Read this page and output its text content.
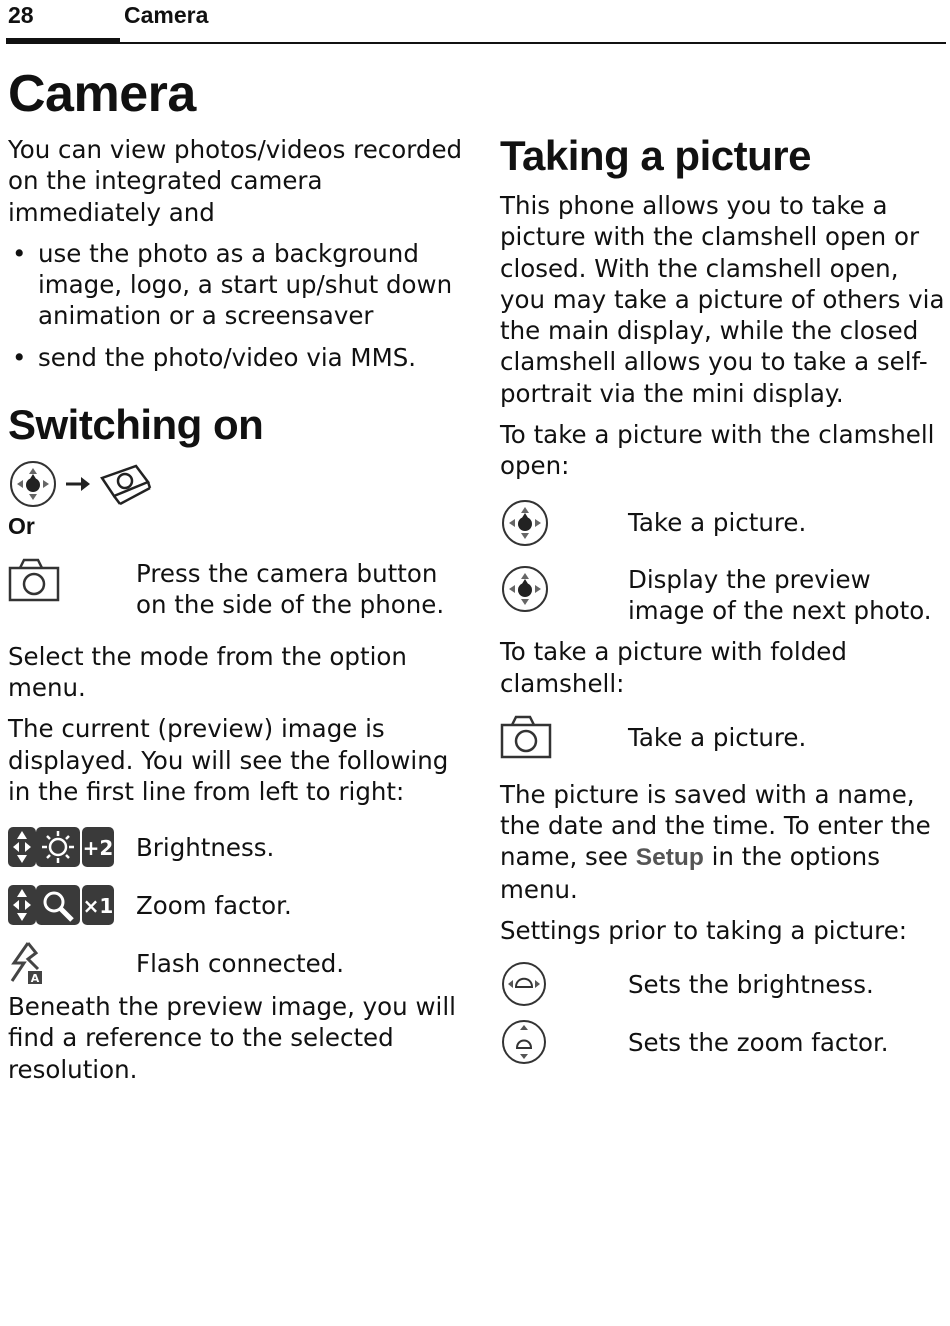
28	Camera
Camera

You can view photos/videos recorded on the integrated camera immediately and

• use the photo as a background image, logo, a start up/shut down animation or a screensaver
• send the photo/video via MMS.
Switching on
Or
Press the camera button on the side of the phone.

Select the mode from the option menu.

The current (preview) image is displayed. You will see the following in the first line from left to right:

+2 Brightness.
×1 Zoom factor.
A
Flash connected.

Beneath the preview image, you will find a reference to the selected resolution.

Taking a picture

This phone allows you to take a picture with the clamshell open or closed. With the clamshell open, you may take a picture of others via the main display, while the closed clamshell allows you to take a self-portrait via the mini display.

To take a picture with the clamshell open:

Take a picture.
Display the preview image of the next photo.

To take a picture with folded clamshell:

Take a picture.

The picture is saved with a name, the date and the time. To enter the name, see Setup in the options menu.

Settings prior to taking a picture:

Sets the brightness.
Sets the zoom factor.
